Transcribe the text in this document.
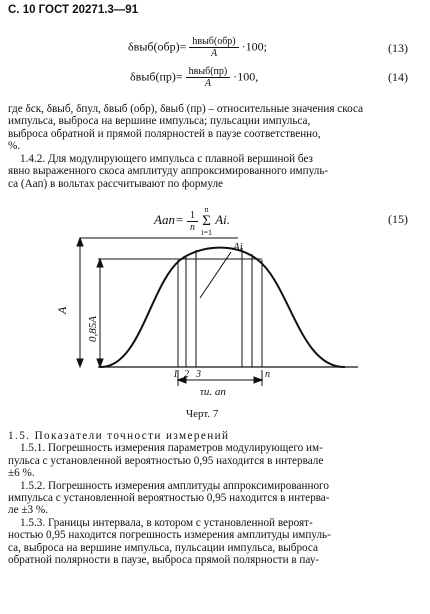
С. 10 ГОСТ 20271.3—91
$\delta выб(обр)= \frac{\text{hвыб(обр)}}{A} \cdot 100$;	(13)
$\delta выб(пр)= \frac{\text{hвыб(пр)}}{A} \cdot 100$,	(14)
где δск, δвыб, δпул, δвыб (обр), δвыб (пр) – относительные значения скоса
импульса, выброса на вершине импульса; пульсации импульса,
выброса обратной и прямой полярностей в паузе соответственно,
%.
1.4.2. Для модулирующего импульса с плавной вершиной без
явно выраженного скоса амплитуду аппроксимированного импуль-
са (Aап) в вольтах рассчитывают по формуле
$Aап= \frac{1}{n}$
n
Σ
i=1
Ai.	(15)
A
0,85A
Ai
1 2 3	n
τи. ап
Черт. 7
1.5. Показатели точности измерений
1.5.1. Погрешность измерения параметров модулирующего им-
пульса с установленной вероятностью 0,95 находится в интервале
±6 %.
1.5.2. Погрешность измерения амплитуды аппроксимированного
импульса с установленной вероятностью 0,95 находится в интерва-
ле ±3 %.
1.5.3. Границы интервала, в котором с установленной вероят-
ностью 0,95 находится погрешность измерения амплитуды импуль-
са, выброса на вершине импульса, пульсации импульса, выброса
обратной полярности в паузе, выброса прямой полярности в пау-
